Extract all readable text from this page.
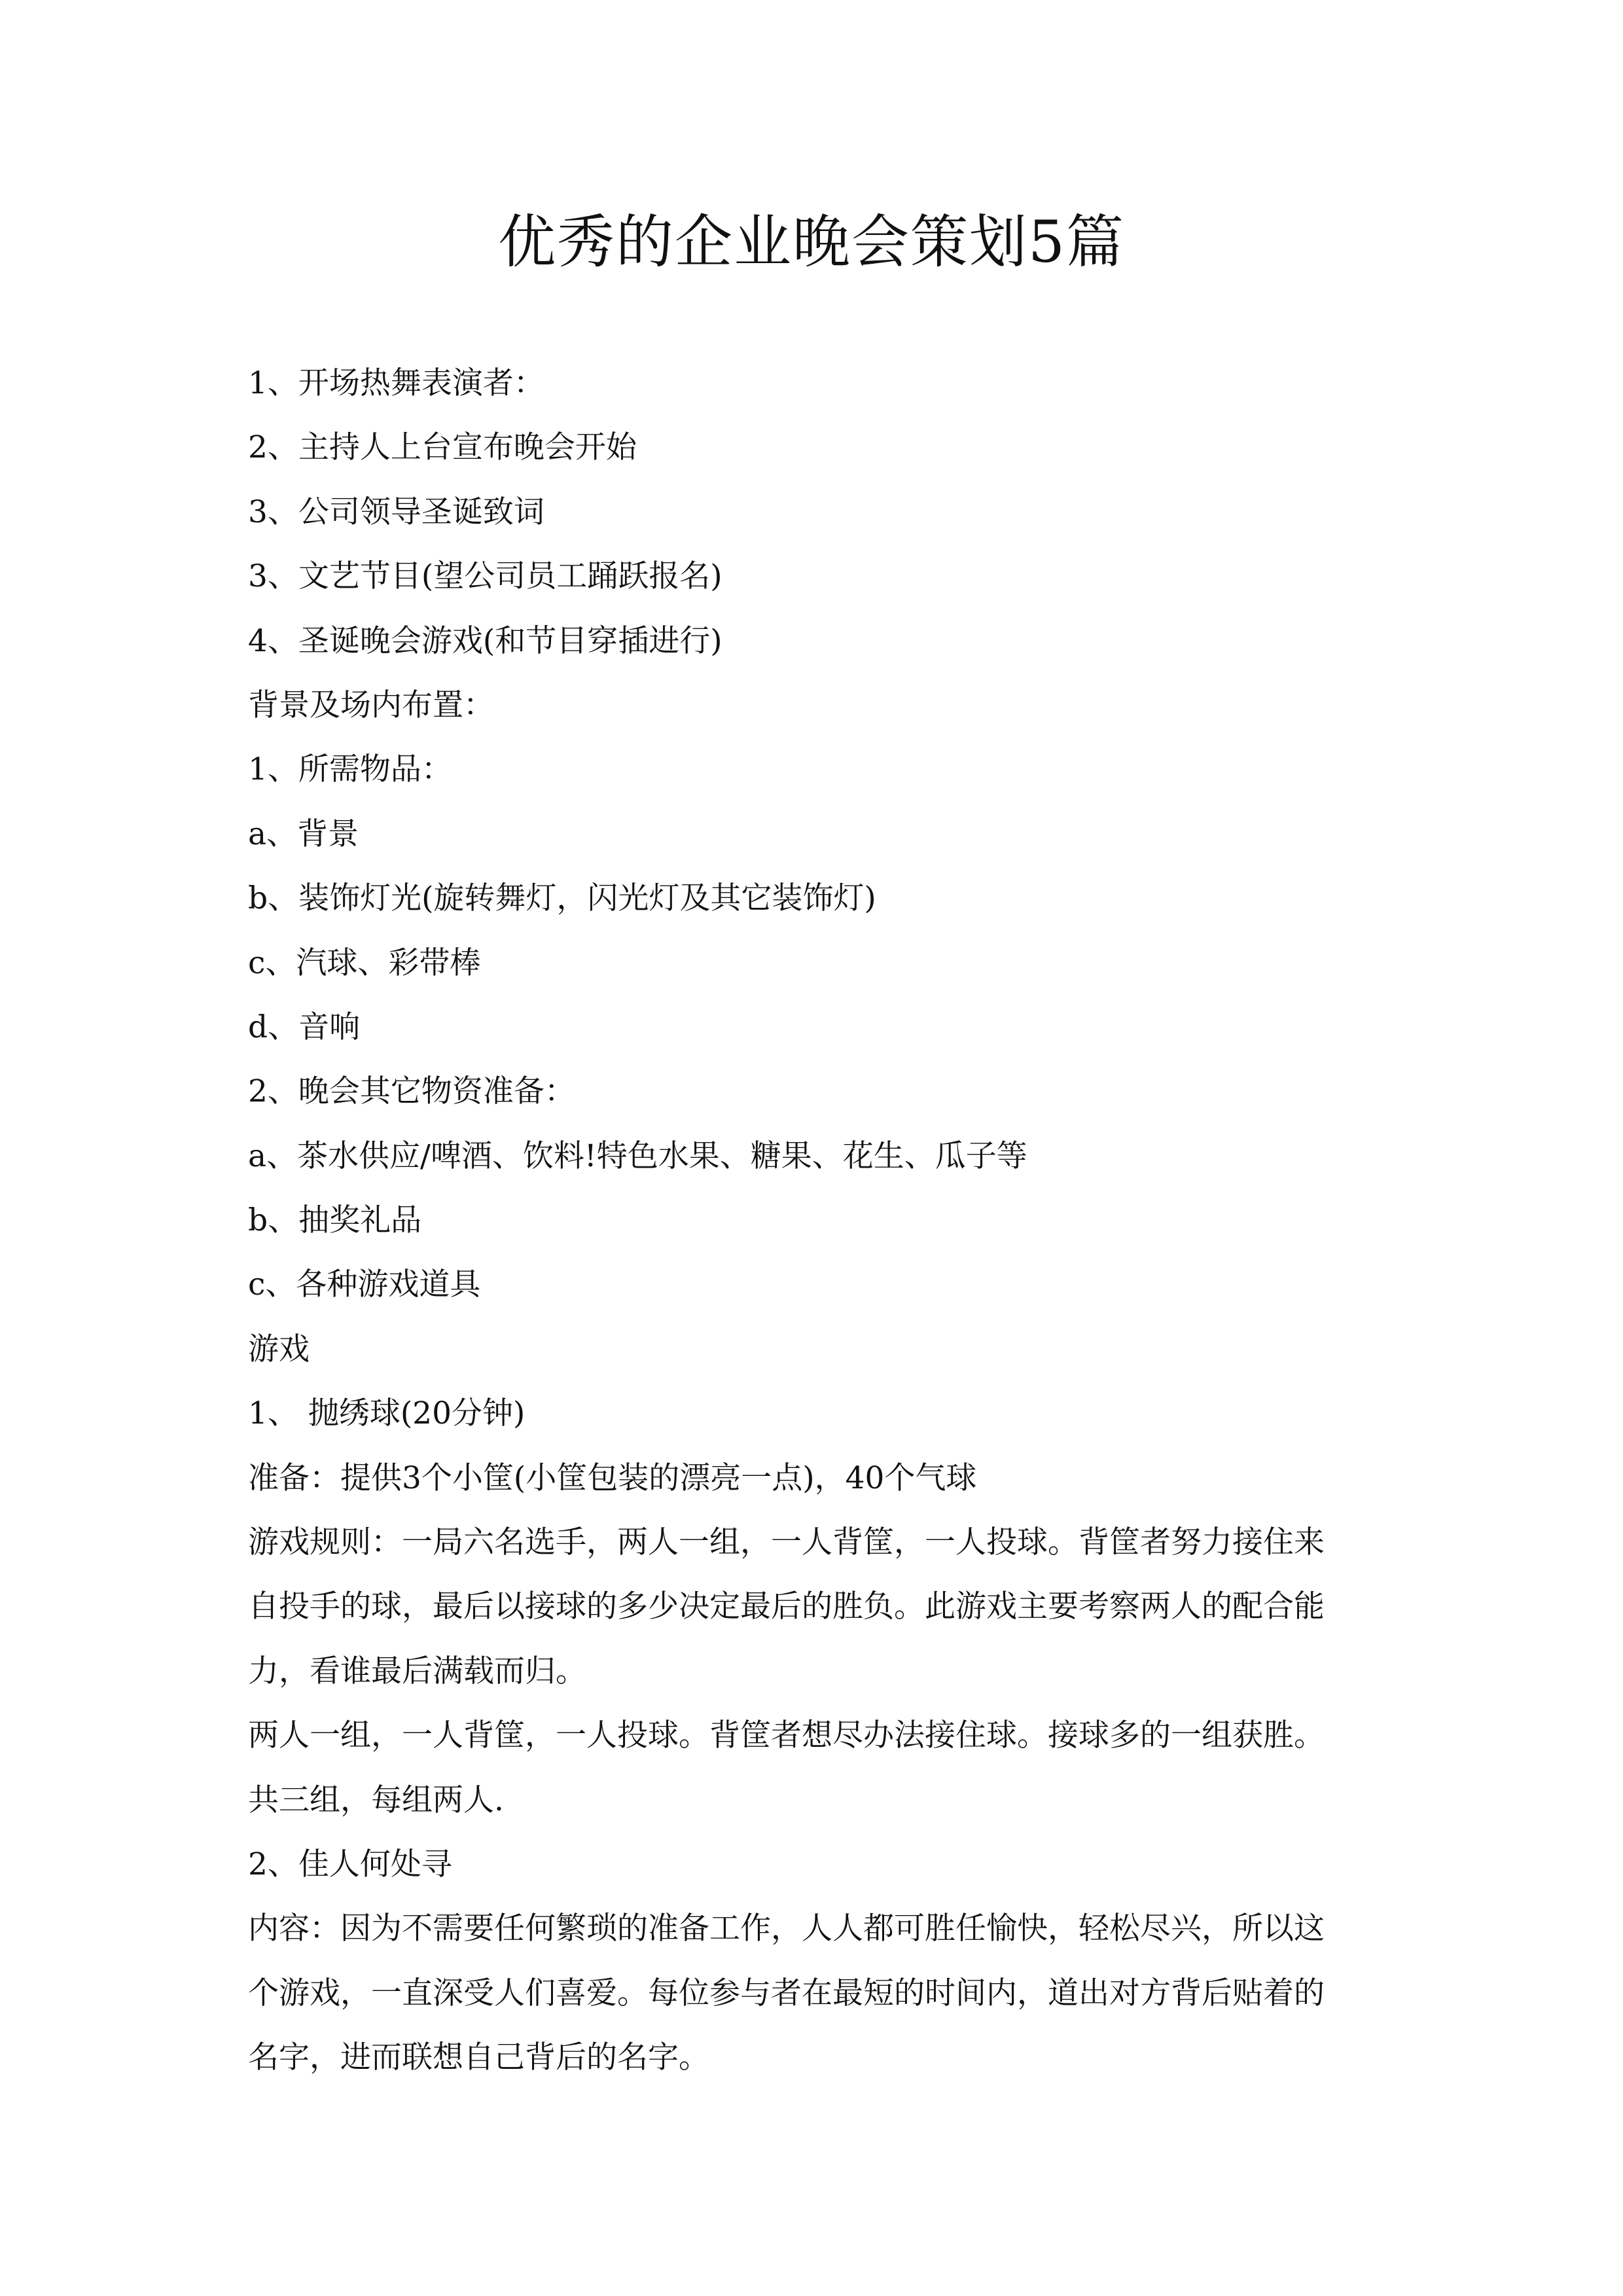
优秀的企业晚会策划5篇
1、开场热舞表演者：
2、主持人上台宣布晚会开始
3、公司领导圣诞致词
3、文艺节目(望公司员工踊跃报名)
4、圣诞晚会游戏(和节目穿插进行)
背景及场内布置：
1、所需物品：
a、背景
b、装饰灯光(旋转舞灯，闪光灯及其它装饰灯)
c、汽球、彩带棒
d、音响
2、晚会其它物资准备：
a、茶水供应/啤酒、饮料!特色水果、糖果、花生、瓜子等
b、抽奖礼品
c、各种游戏道具
游戏
1、 抛绣球(20分钟)
准备：提供3个小筐(小筐包装的漂亮一点)，40个气球
游戏规则：一局六名选手，两人一组，一人背筐，一人投球。背筐者努力接住来
自投手的球，最后以接球的多少决定最后的胜负。此游戏主要考察两人的配合能
力，看谁最后满载而归。
两人一组，一人背筐，一人投球。背筐者想尽办法接住球。接球多的一组获胜。
共三组，每组两人.
2、佳人何处寻
内容：因为不需要任何繁琐的准备工作，人人都可胜任愉快，轻松尽兴，所以这
个游戏，一直深受人们喜爱。每位参与者在最短的时间内，道出对方背后贴着的
名字，进而联想自己背后的名字。
